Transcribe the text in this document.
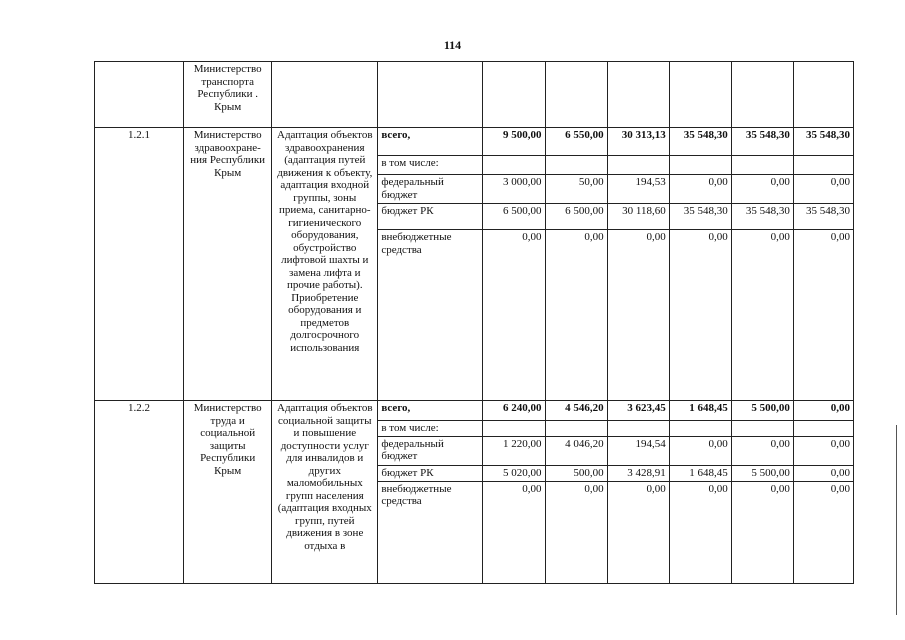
114
	Министерство транспорта Республики . Крым								
1.2.1	Министерство здравоохране-ния Республики Крым	Адаптация объектов здравоохранения (адаптация путей движения к объекту, адаптация входной группы, зоны приема, санитарно-гигиенического оборудования, обустройство лифтовой шахты и замена лифта и прочие работы). Приобретение оборудования и предметов долгосрочного использования	всего,	9 500,00	6 550,00	30 313,13	35 548,30	35 548,30	35 548,30
			в том числе:						
			федеральный бюджет	3 000,00	50,00	194,53	0,00	0,00	0,00
			бюджет РК	6 500,00	6 500,00	30 118,60	35 548,30	35 548,30	35 548,30
			внебюджетные средства	0,00	0,00	0,00	0,00	0,00	0,00
1.2.2	Министерство труда и социальной защиты Республики Крым	Адаптация объектов социальной защиты и повышение доступности услуг для инвалидов и других маломобильных групп населения (адаптация входных групп, путей движения в зоне отдыха в	всего,	6 240,00	4 546,20	3 623,45	1 648,45	5 500,00	0,00
			в том числе:						
			федеральный бюджет	1 220,00	4 046,20	194,54	0,00	0,00	0,00
			бюджет РК	5 020,00	500,00	3 428,91	1 648,45	5 500,00	0,00
			внебюджетные средства	0,00	0,00	0,00	0,00	0,00	0,00
